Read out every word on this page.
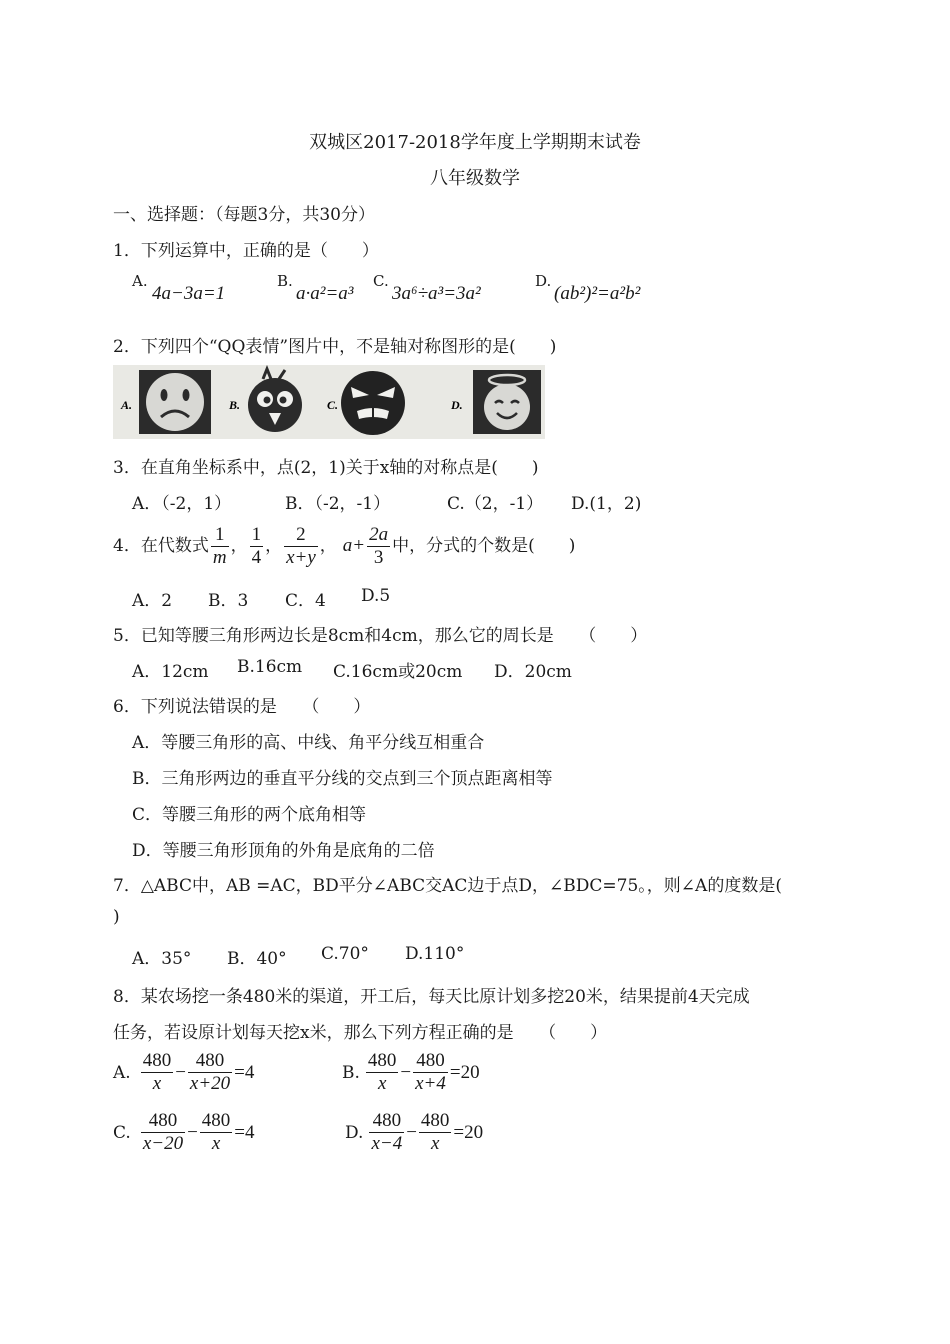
双城区2017-2018学年度上学期期末试卷
八年级数学
一、选择题：（每题3分，共30分）
1．下列运算中，正确的是（　　）
A.
4a−3a=1
B.
a·a²=a³
C.
3a⁶÷a³=3a²
D.
(ab²)²=a²b²
2．下列四个“QQ表情”图片中，不是轴对称图形的是(　　)
A.	B.	C.	D.
3．在直角坐标系中，点(2，1)关于x轴的对称点是(　　)
A．（-2，1）	B．（-2，-1）	C.（2，-1） D.(1，2)
4．在代数式 $\frac{1}{m}$ ， $\frac{1}{4}$ ， $\frac{2}{x+y}$ ， $a+ \frac{2a}{3}$ 中，分式的个数是(　　)
A．2 B．3 C．4 D.5
5．已知等腰三角形两边长是8cm和4cm，那么它的周长是　　（　　）
A．12cm B.16cm C.16cm或20cm D．20cm
6．下列说法错误的是　　（　　）
A．等腰三角形的高、中线、角平分线互相重合
B．三角形两边的垂直平分线的交点到三个顶点距离相等
C．等腰三角形的两个底角相等
D．等腰三角形顶角的外角是底角的二倍
7．△ABC中，AB =AC，BD平分∠ABC交AC边于点D，∠BDC=75。，则∠A的度数是(
)
A．35° B．40° C.70° D.110°
8．某农场挖一条480米的渠道，开工后，每天比原计划多挖20米，结果提前4天完成
任务，若设原计划每天挖x米，那么下列方程正确的是　　（　　）
A. $\frac{480}{x} - \frac{480}{x+20} =4$	B. $\frac{480}{x} - \frac{480}{x+4} =20$
C. $\frac{480}{x-20} - \frac{480}{x} =4$	D. $\frac{480}{x-4} - \frac{480}{x} =20$
